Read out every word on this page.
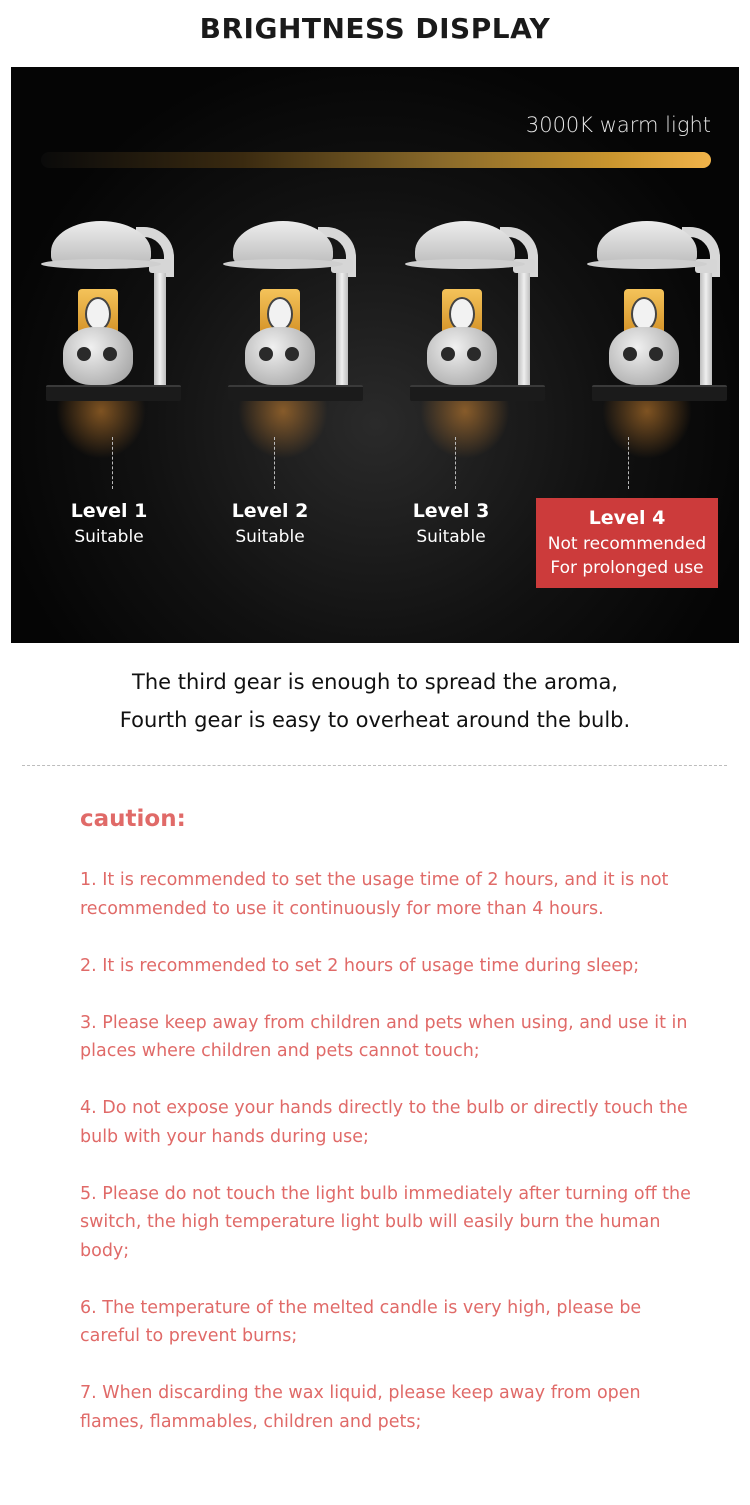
BRIGHTNESS DISPLAY
3000K warm light
Level 1
Suitable
Level 2
Suitable
Level 3
Suitable
Level 4
Not recommended
For prolonged use
The third gear is enough to spread the aroma,
Fourth gear is easy to overheat around the bulb.
caution:
1. It is recommended to set the usage time of 2 hours, and it is not recommended to use it continuously for more than 4 hours.
2. It is recommended to set 2 hours of usage time during sleep;
3. Please keep away from children and pets when using, and use it in places where children and pets cannot touch;
4. Do not expose your hands directly to the bulb or directly touch the bulb with your hands during use;
5. Please do not touch the light bulb immediately after turning off the switch, the high temperature light bulb will easily burn the human body;
6. The temperature of the melted candle is very high, please be careful to prevent burns;
7. When discarding the wax liquid, please keep away from open flames, flammables, children and pets;
